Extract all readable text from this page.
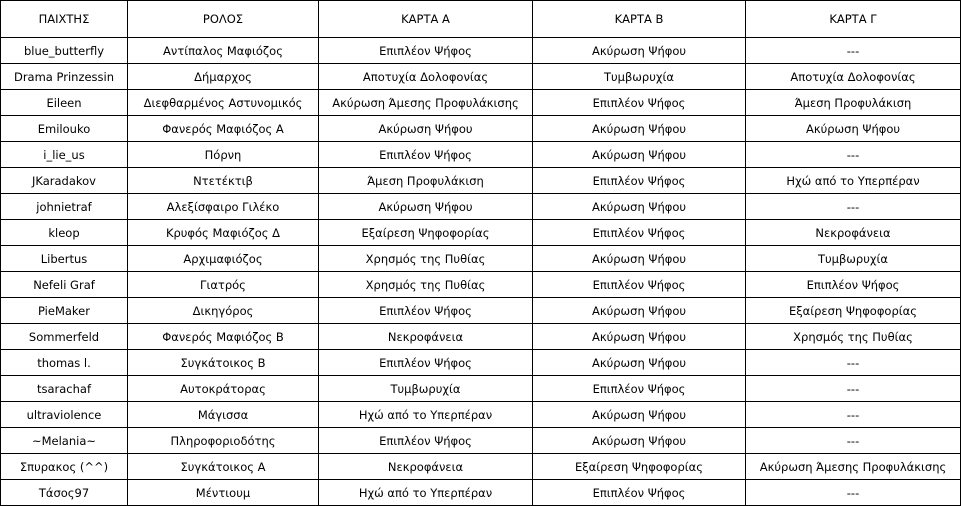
ΠΑΙΧΤΗΣ	ΡΟΛΟΣ	ΚΑΡΤΑ Α	ΚΑΡΤΑ Β	ΚΑΡΤΑ Γ
blue_butterfly	Αντίπαλος Μαφιόζος	Επιπλέον Ψήφος	Ακύρωση Ψήφου	---
Drama Prinzessin	Δήμαρχος	Αποτυχία Δολοφονίας	Τυμβωρυχία	Αποτυχία Δολοφονίας
Eileen	Διεφθαρμένος Αστυνομικός	Ακύρωση Άμεσης Προφυλάκισης	Επιπλέον Ψήφος	Άμεση Προφυλάκιση
Emilouko	Φανερός Μαφιόζος Α	Ακύρωση Ψήφου	Ακύρωση Ψήφου	Ακύρωση Ψήφου
i_lie_us	Πόρνη	Επιπλέον Ψήφος	Ακύρωση Ψήφου	---
JKaradakov	Ντετέκτιβ	Άμεση Προφυλάκιση	Επιπλέον Ψήφος	Ηχώ από το Υπερπέραν
johnietraf	Αλεξίσφαιρο Γιλέκο	Ακύρωση Ψήφου	Ακύρωση Ψήφου	---
kleop	Κρυφός Μαφιόζος Δ	Εξαίρεση Ψηφοφορίας	Επιπλέον Ψήφος	Νεκροφάνεια
Libertus	Αρχιμαφιόζος	Χρησμός της Πυθίας	Ακύρωση Ψήφου	Τυμβωρυχία
Nefeli Graf	Γιατρός	Χρησμός της Πυθίας	Επιπλέον Ψήφος	Επιπλέον Ψήφος
PieMaker	Δικηγόρος	Επιπλέον Ψήφος	Ακύρωση Ψήφου	Εξαίρεση Ψηφοφορίας
Sommerfeld	Φανερός Μαφιόζος Β	Νεκροφάνεια	Ακύρωση Ψήφου	Χρησμός της Πυθίας
thomas l.	Συγκάτοικος Β	Επιπλέον Ψήφος	Ακύρωση Ψήφου	---
tsarachaf	Αυτοκράτορας	Τυμβωρυχία	Επιπλέον Ψήφος	---
ultraviolence	Μάγισσα	Ηχώ από το Υπερπέραν	Ακύρωση Ψήφου	---
~Melania~	Πληροφοριοδότης	Επιπλέον Ψήφος	Ακύρωση Ψήφου	---
Σπυρακος (^^)	Συγκάτοικος Α	Νεκροφάνεια	Εξαίρεση Ψηφοφορίας	Ακύρωση Άμεσης Προφυλάκισης
Τάσος97	Μέντιουμ	Ηχώ από το Υπερπέραν	Επιπλέον Ψήφος	---
